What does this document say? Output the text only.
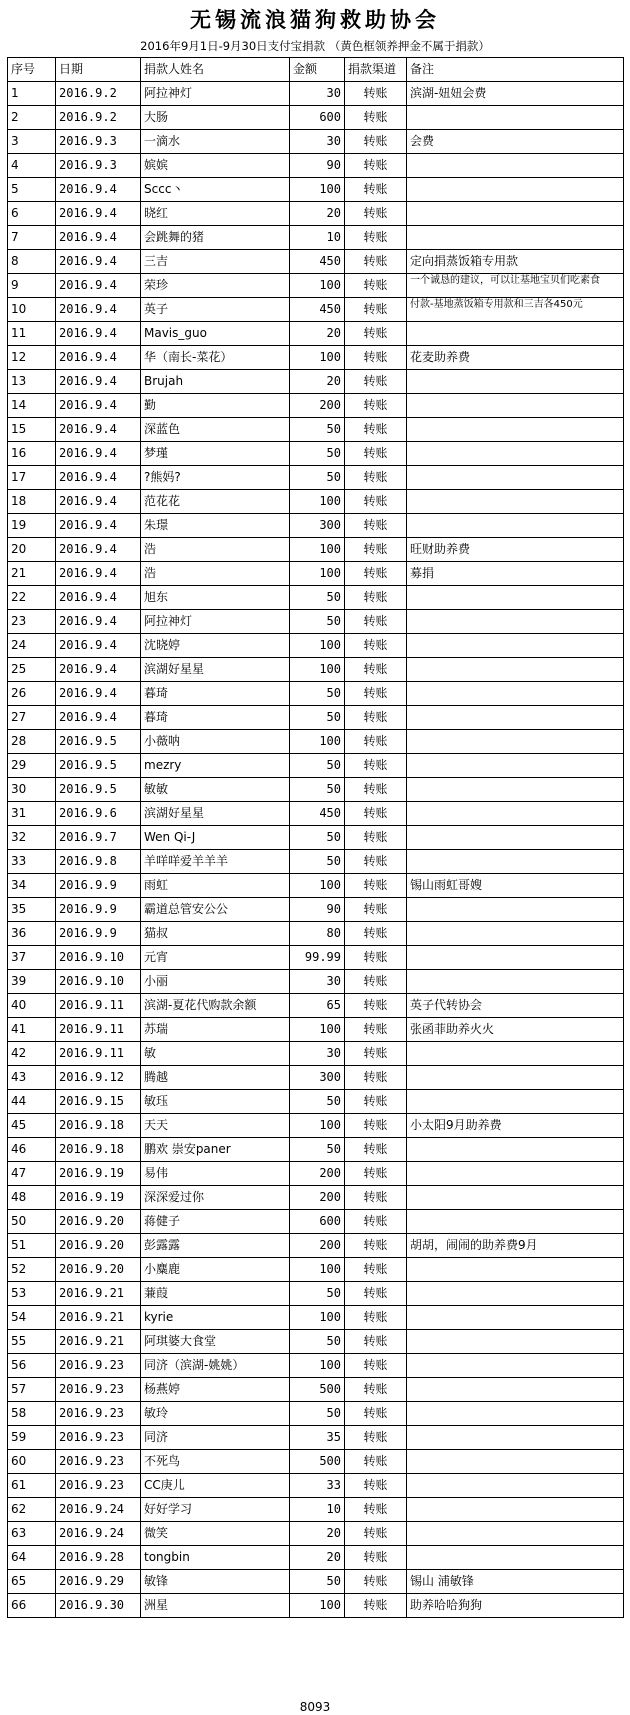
无锡流浪猫狗救助协会
2016年9月1日-9月30日支付宝捐款 （黄色框领养押金不属于捐款）
序号	日期	捐款人姓名	金额	捐款渠道	备注
1	2016.9.2	阿拉神灯	30	转账	滨湖-妞妞会费
2	2016.9.2	大肠	600	转账	
3	2016.9.3	一滴水	30	转账	会费
4	2016.9.3	嫔嫔	90	转账	
5	2016.9.4	Sccc丶	100	转账	
6	2016.9.4	晓红	20	转账	
7	2016.9.4	会跳舞的猪	10	转账	
8	2016.9.4	三吉	450	转账	定向捐蒸饭箱专用款
9	2016.9.4	荣珍	100	转账	一个诚恳的建议，可以让基地宝贝们吃素食
10	2016.9.4	英子	450	转账	付款-基地蒸饭箱专用款和三吉各450元
11	2016.9.4	Mavis_guo	20	转账	
12	2016.9.4	华（南长-菜花）	100	转账	花麦助养费
13	2016.9.4	Brujah	20	转账	
14	2016.9.4	勤	200	转账	
15	2016.9.4	深蓝色	50	转账	
16	2016.9.4	梦瑾	50	转账	
17	2016.9.4	?熊妈?	50	转账	
18	2016.9.4	范花花	100	转账	
19	2016.9.4	朱璟	300	转账	
20	2016.9.4	浩	100	转账	旺财助养费
21	2016.9.4	浩	100	转账	募捐
22	2016.9.4	旭东	50	转账	
23	2016.9.4	阿拉神灯	50	转账	
24	2016.9.4	沈晓婷	100	转账	
25	2016.9.4	滨湖好星星	100	转账	
26	2016.9.4	暮琦	50	转账	
27	2016.9.4	暮琦	50	转账	
28	2016.9.5	小薇呐	100	转账	
29	2016.9.5	mezry	50	转账	
30	2016.9.5	敏敏	50	转账	
31	2016.9.6	滨湖好星星	450	转账	
32	2016.9.7	Wen Qi-J	50	转账	
33	2016.9.8	羊咩咩爱羊羊羊	50	转账	
34	2016.9.9	雨虹	100	转账	锡山雨虹哥嫂
35	2016.9.9	霸道总管安公公	90	转账	
36	2016.9.9	猫叔	80	转账	
37	2016.9.10	元宵	99.99	转账	
39	2016.9.10	小丽	30	转账	
40	2016.9.11	滨湖-夏花代购款余额	65	转账	英子代转协会
41	2016.9.11	苏瑞	100	转账	张函菲助养火火
42	2016.9.11	敏	30	转账	
43	2016.9.12	腾越	300	转账	
44	2016.9.15	敏珏	50	转账	
45	2016.9.18	天天	100	转账	小太阳9月助养费
46	2016.9.18	鹏欢 崇安paner	50	转账	
47	2016.9.19	易伟	200	转账	
48	2016.9.19	深深爱过你	200	转账	
50	2016.9.20	蒋健子	600	转账	
51	2016.9.20	彭露露	200	转账	胡胡，闹闹的助养费9月
52	2016.9.20	小麋鹿	100	转账	
53	2016.9.21	蒹葭	50	转账	
54	2016.9.21	kyrie	100	转账	
55	2016.9.21	阿琪婆大食堂	50	转账	
56	2016.9.23	同济（滨湖-姚姚）	100	转账	
57	2016.9.23	杨燕婷	500	转账	
58	2016.9.23	敏玲	50	转账	
59	2016.9.23	同济	35	转账	
60	2016.9.23	不死鸟	500	转账	
61	2016.9.23	CC庚儿	33	转账	
62	2016.9.24	好好学习	10	转账	
63	2016.9.24	微笑	20	转账	
64	2016.9.28	tongbin	20	转账	
65	2016.9.29	敏锋	50	转账	锡山 浦敏锋
66	2016.9.30	洲星	100	转账	助养哈哈狗狗
8093
